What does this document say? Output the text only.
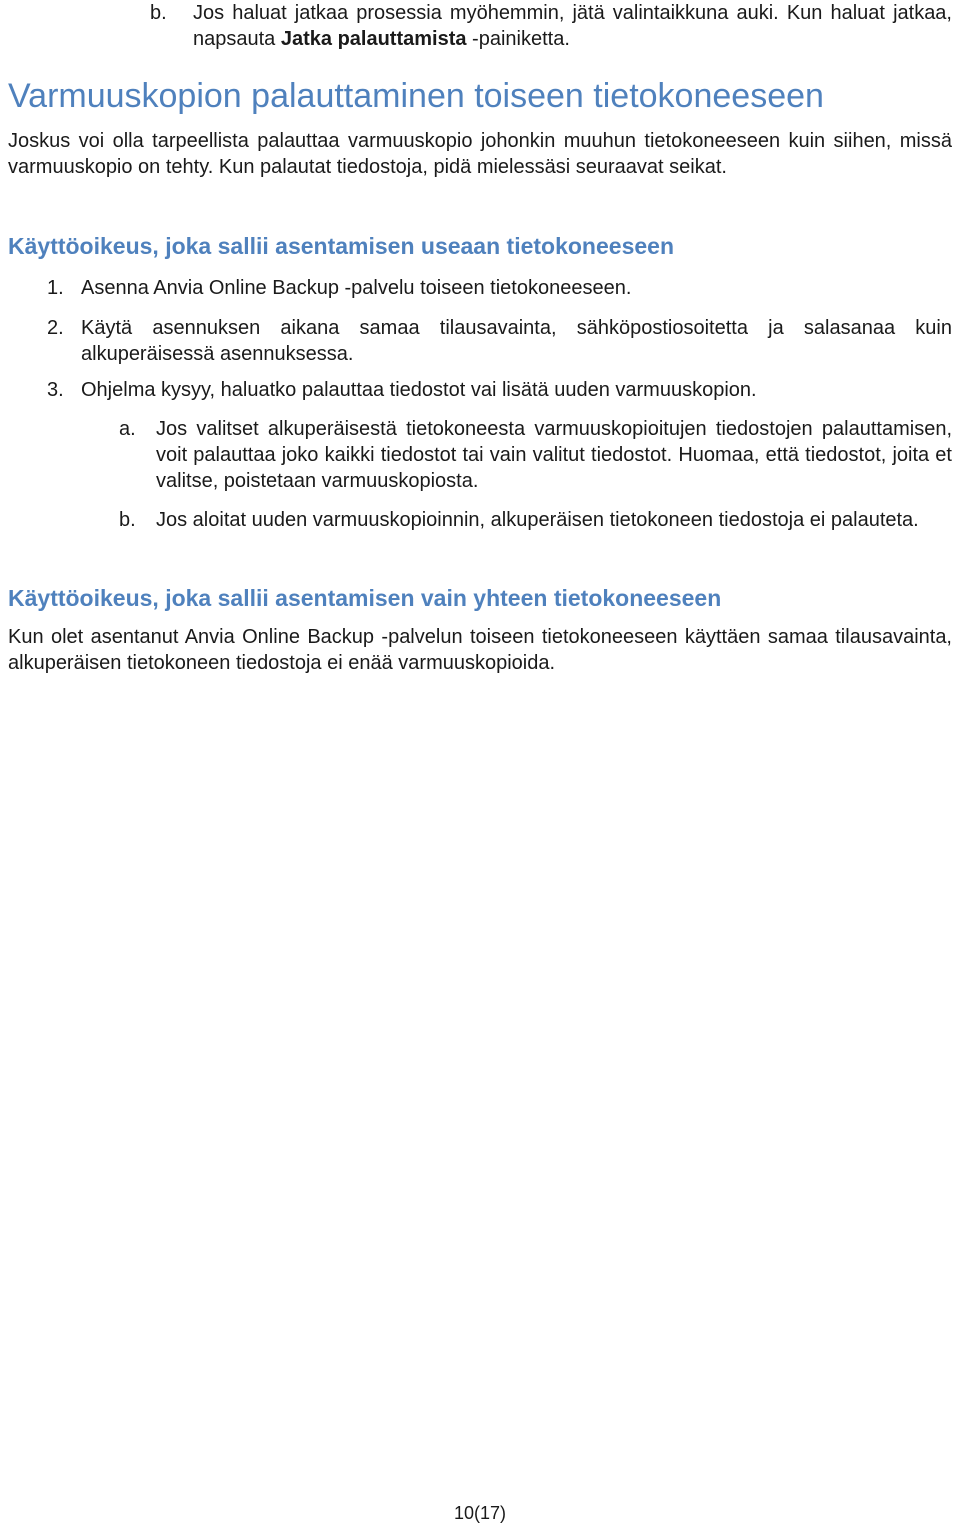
b. Jos haluat jatkaa prosessia myöhemmin, jätä valintaikkuna auki. Kun haluat jatkaa, napsauta Jatka palauttamista -painiketta.
Varmuuskopion palauttaminen toiseen tietokoneeseen
Joskus voi olla tarpeellista palauttaa varmuuskopio johonkin muuhun tietokoneeseen kuin siihen, missä varmuuskopio on tehty. Kun palautat tiedostoja, pidä mielessäsi seuraavat seikat.
Käyttöoikeus, joka sallii asentamisen useaan tietokoneeseen
1. Asenna Anvia Online Backup -palvelu toiseen tietokoneeseen.
2. Käytä asennuksen aikana samaa tilausavainta, sähköpostiosoitetta ja salasanaa kuin alkuperäisessä asennuksessa.
3. Ohjelma kysyy, haluatko palauttaa tiedostot vai lisätä uuden varmuuskopion.
a. Jos valitset alkuperäisestä tietokoneesta varmuuskopioitujen tiedostojen palauttamisen, voit palauttaa joko kaikki tiedostot tai vain valitut tiedostot. Huomaa, että tiedostot, joita et valitse, poistetaan varmuuskopiosta.
b. Jos aloitat uuden varmuuskopioinnin, alkuperäisen tietokoneen tiedostoja ei palauteta.
Käyttöoikeus, joka sallii asentamisen vain yhteen tietokoneeseen
Kun olet asentanut Anvia Online Backup -palvelun toiseen tietokoneeseen käyttäen samaa tilausavainta, alkuperäisen tietokoneen tiedostoja ei enää varmuuskopioida.
10(17)
